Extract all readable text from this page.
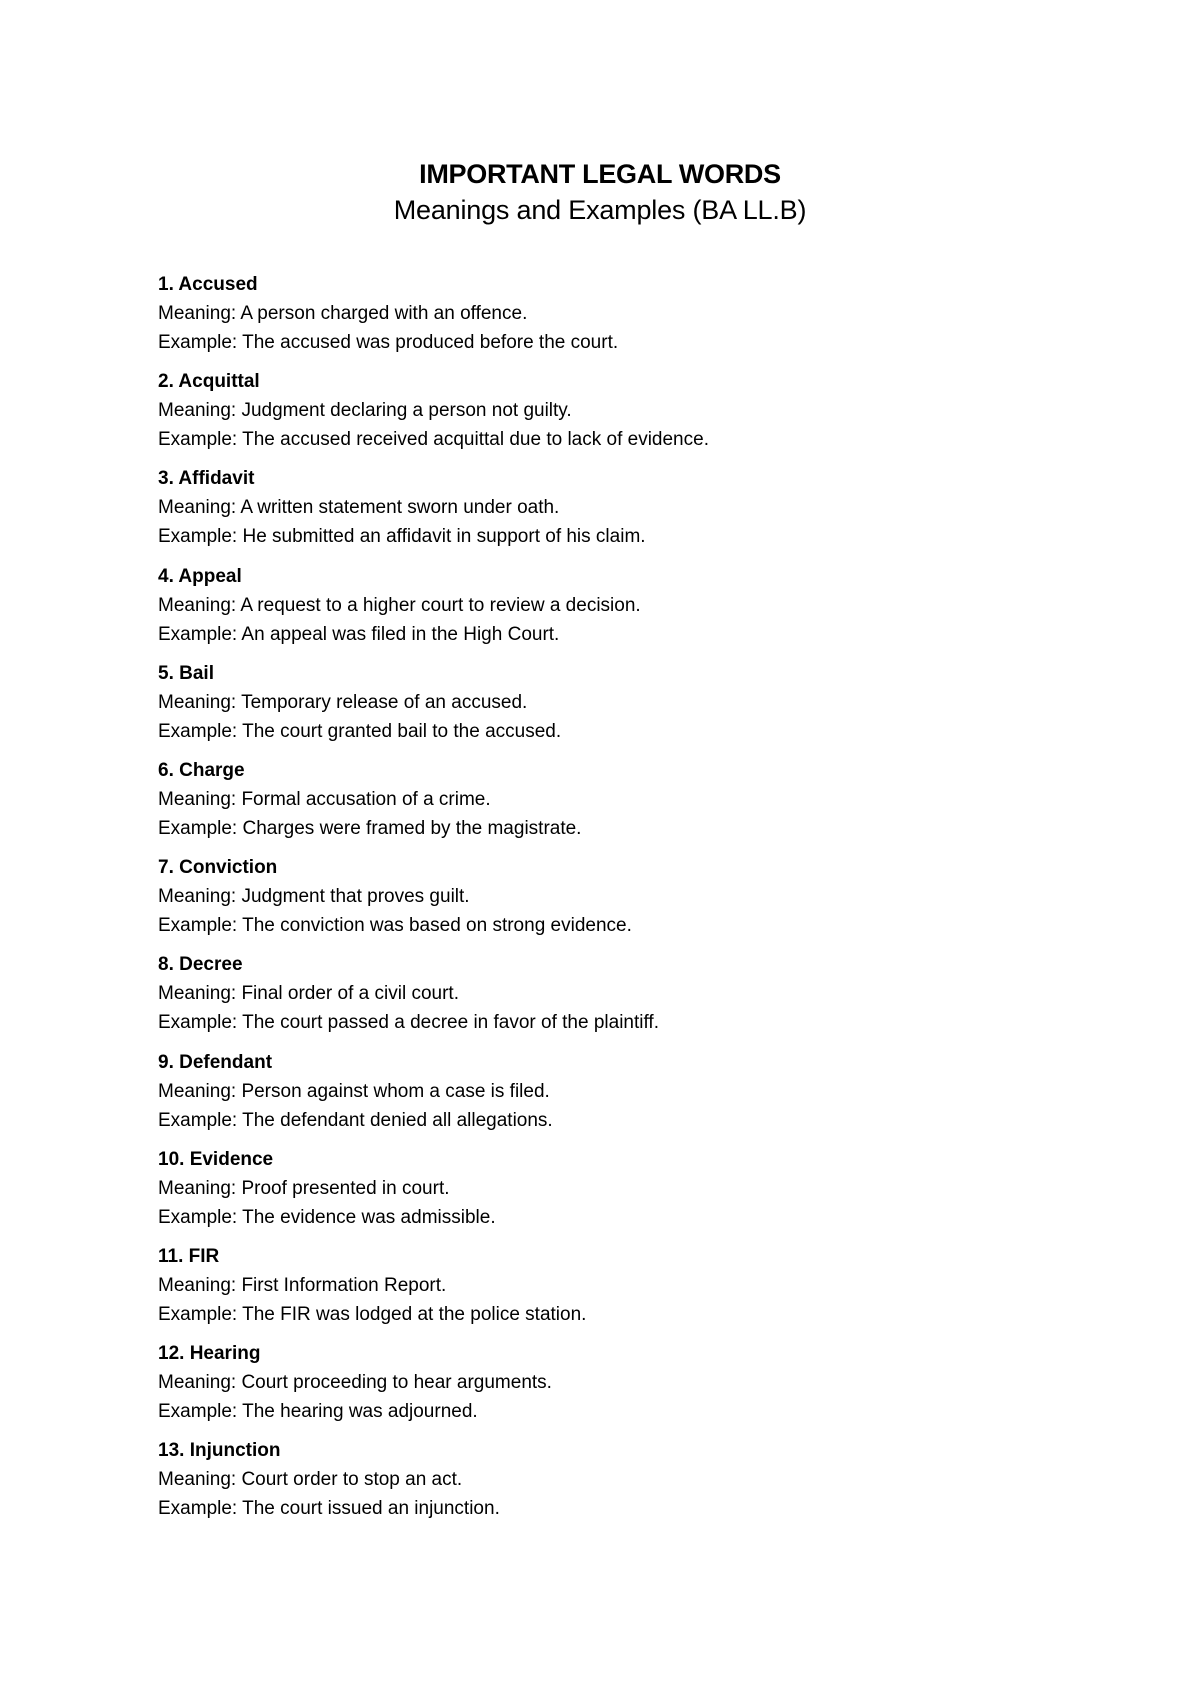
IMPORTANT LEGAL WORDS
Meanings and Examples (BA LL.B)
1. Accused
Meaning: A person charged with an offence.
Example: The accused was produced before the court.
2. Acquittal
Meaning: Judgment declaring a person not guilty.
Example: The accused received acquittal due to lack of evidence.
3. Affidavit
Meaning: A written statement sworn under oath.
Example: He submitted an affidavit in support of his claim.
4. Appeal
Meaning: A request to a higher court to review a decision.
Example: An appeal was filed in the High Court.
5. Bail
Meaning: Temporary release of an accused.
Example: The court granted bail to the accused.
6. Charge
Meaning: Formal accusation of a crime.
Example: Charges were framed by the magistrate.
7. Conviction
Meaning: Judgment that proves guilt.
Example: The conviction was based on strong evidence.
8. Decree
Meaning: Final order of a civil court.
Example: The court passed a decree in favor of the plaintiff.
9. Defendant
Meaning: Person against whom a case is filed.
Example: The defendant denied all allegations.
10. Evidence
Meaning: Proof presented in court.
Example: The evidence was admissible.
11. FIR
Meaning: First Information Report.
Example: The FIR was lodged at the police station.
12. Hearing
Meaning: Court proceeding to hear arguments.
Example: The hearing was adjourned.
13. Injunction
Meaning: Court order to stop an act.
Example: The court issued an injunction.
